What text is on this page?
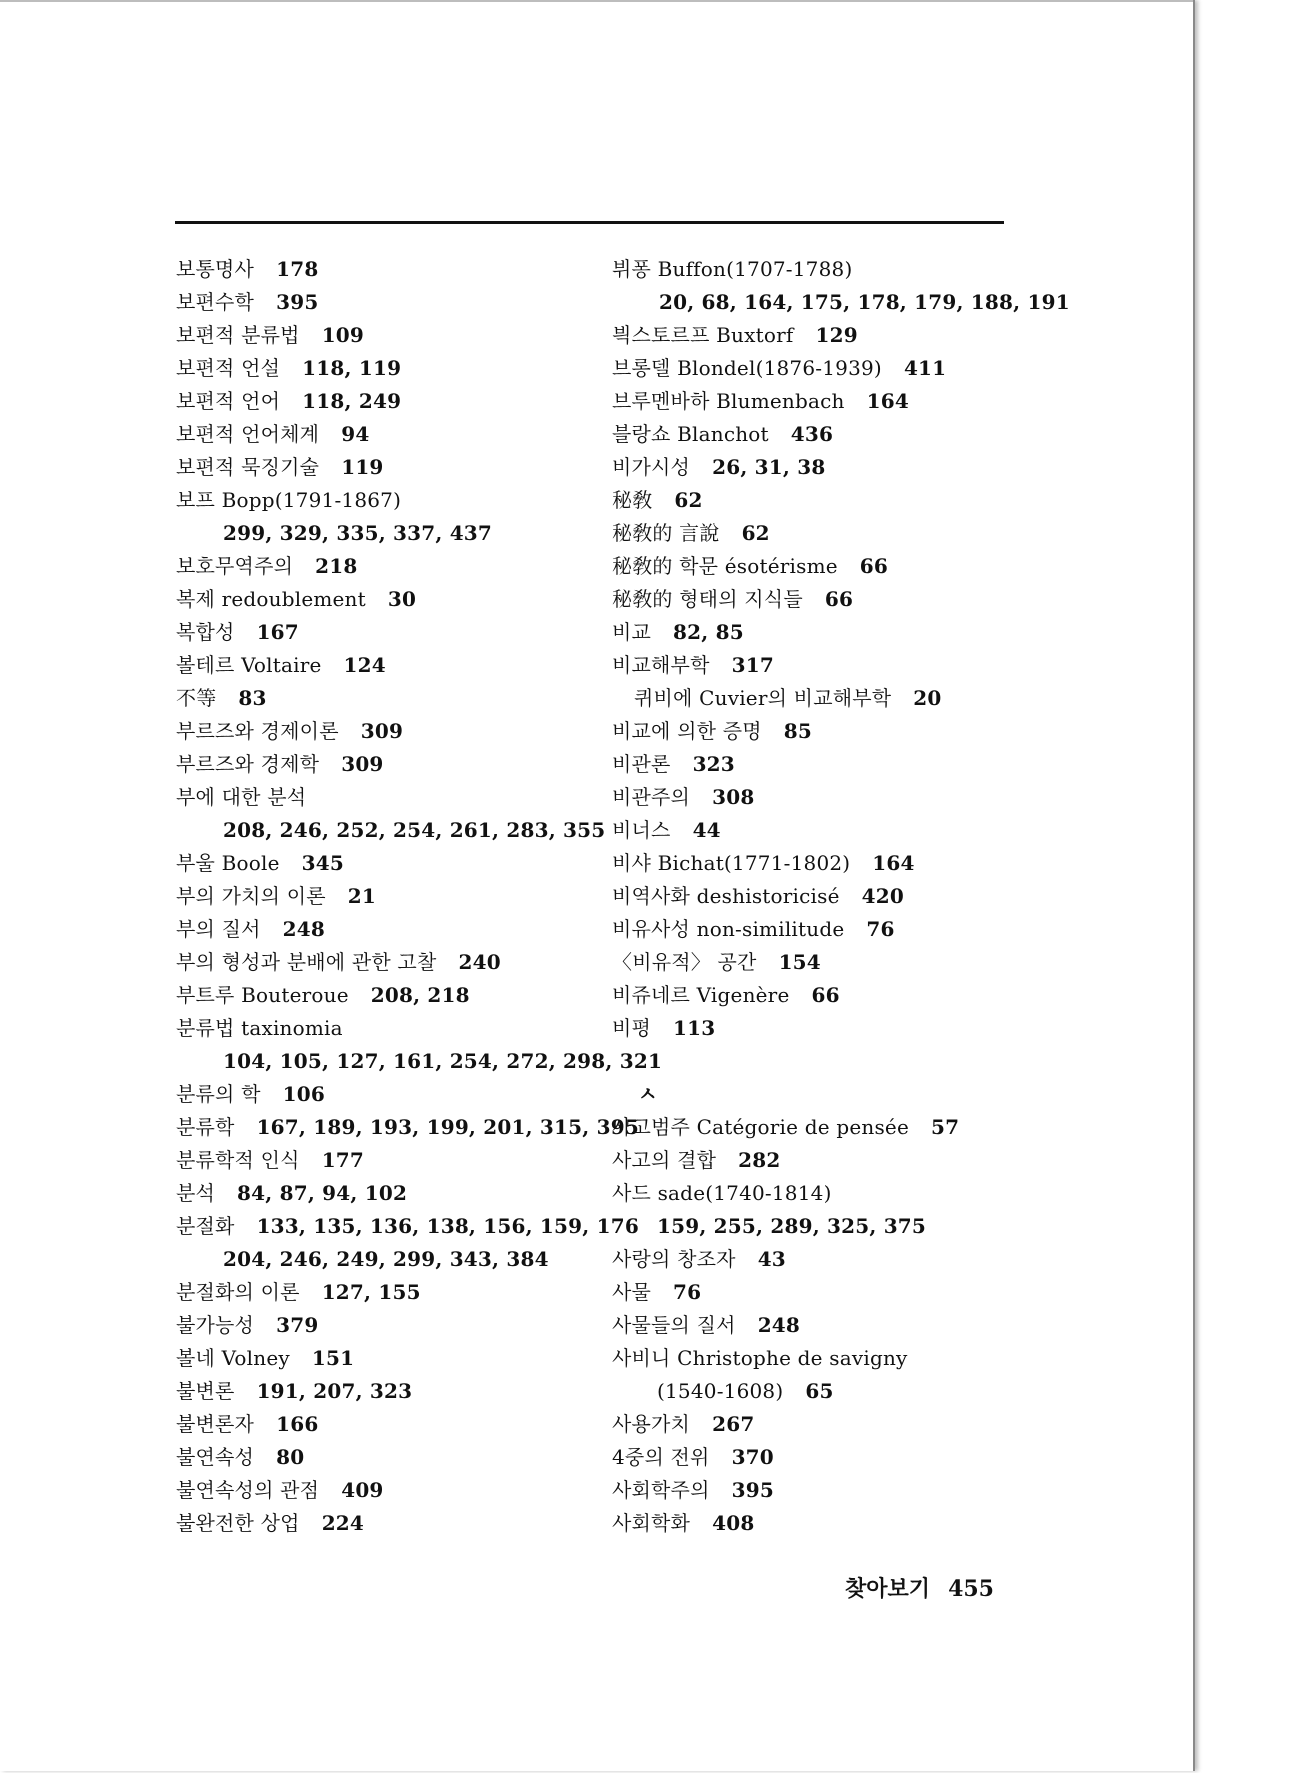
보통명사 178
보편수학 395
보편적 분류법 109
보편적 언설 118, 119
보편적 언어 118, 249
보편적 언어체계 94
보편적 묵징기술 119
보프 Bopp(1791-1867)
299, 329, 335, 337, 437
보호무역주의 218
복제 redoublement 30
복합성 167
볼테르 Voltaire 124
不等 83
부르즈와 경제이론 309
부르즈와 경제학 309
부에 대한 분석
208, 246, 252, 254, 261, 283, 355
부울 Boole 345
부의 가치의 이론 21
부의 질서 248
부의 형성과 분배에 관한 고찰 240
부트루 Bouteroue 208, 218
분류법 taxinomia
104, 105, 127, 161, 254, 272, 298, 321
분류의 학 106
분류학 167, 189, 193, 199, 201, 315, 395
분류학적 인식 177
분석 84, 87, 94, 102
분절화 133, 135, 136, 138, 156, 159, 176
204, 246, 249, 299, 343, 384
분절화의 이론 127, 155
불가능성 379
볼네 Volney 151
불변론 191, 207, 323
불변론자 166
불연속성 80
불연속성의 관점 409
불완전한 상업 224
뷔퐁 Buffon(1707-1788)
20, 68, 164, 175, 178, 179, 188, 191
븩스토르프 Buxtorf 129
브롱델 Blondel(1876-1939) 411
브루멘바하 Blumenbach 164
블랑쇼 Blanchot 436
비가시성 26, 31, 38
秘敎 62
秘敎的 言說 62
秘敎的 학문 ésotérisme 66
秘敎的 형태의 지식들 66
비교 82, 85
비교해부학 317
퀴비에 Cuvier의 비교해부학 20
비교에 의한 증명 85
비관론 323
비관주의 308
비너스 44
비샤 Bichat(1771-1802) 164
비역사화 deshistoricisé 420
비유사성 non-similitude 76
〈비유적〉 공간 154
비쥬네르 Vigenère 66
비평 113
ㅅ
사고범주 Catégorie de pensée 57
사고의 결합 282
사드 sade(1740-1814)
159, 255, 289, 325, 375
사랑의 창조자 43
사물 76
사물들의 질서 248
사비니 Christophe de savigny
(1540-1608) 65
사용가치 267
4중의 전위 370
사회학주의 395
사회학화 408
찾아보기 455
